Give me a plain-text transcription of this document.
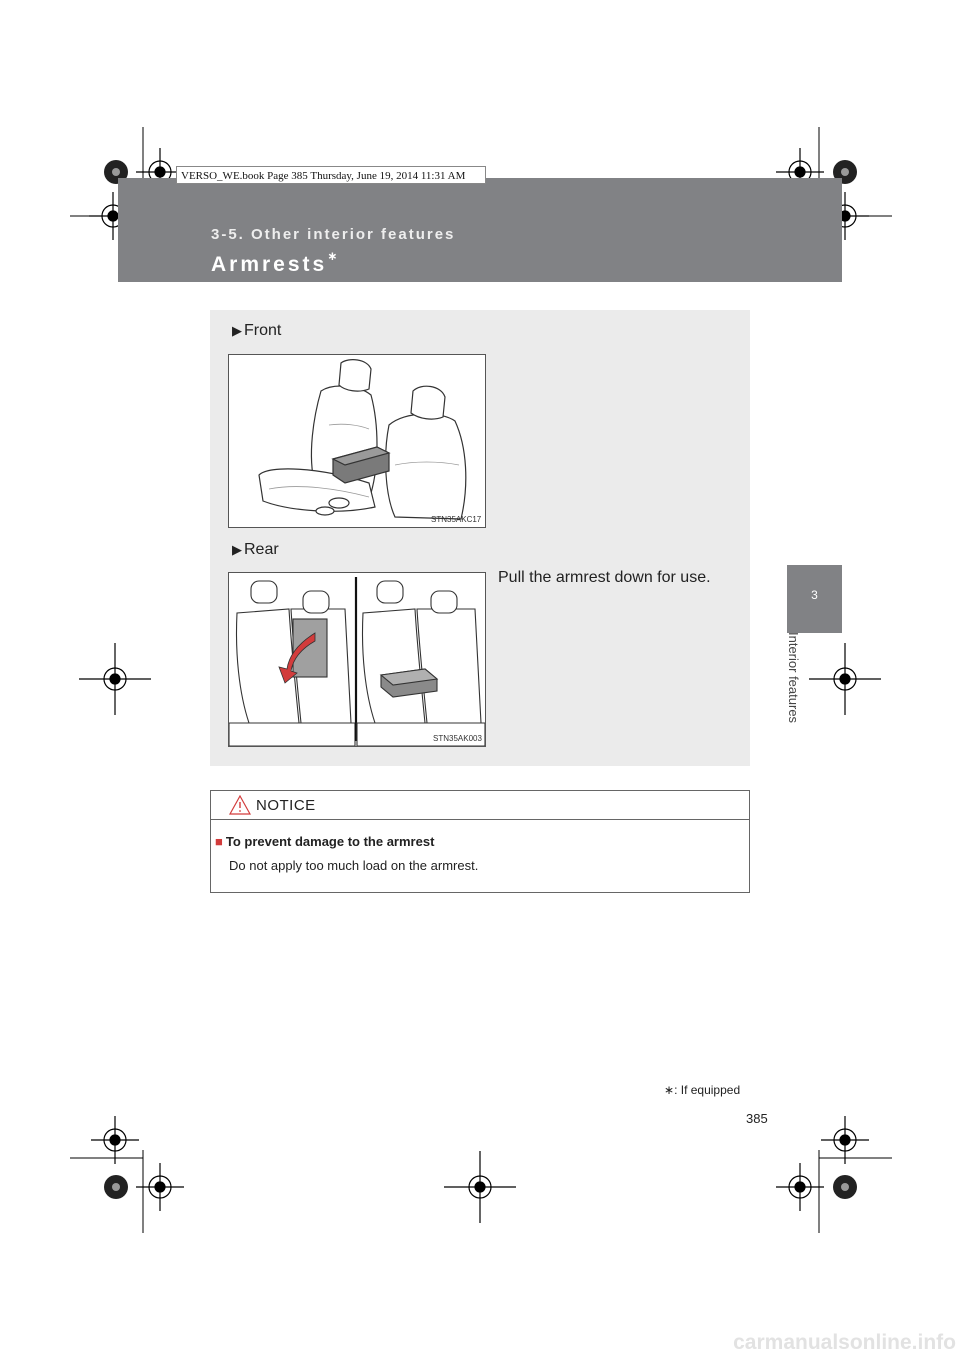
VERSO_WE.book Page 385 Thursday, June 19, 2014 11:31 AM
3-5. Other interior features
Armrests∗
3
Interior features
▶ Front
STN35AKC17
▶ Rear
STN35AK003
Pull the armrest down for use.
NOTICE
■ To prevent damage to the armrest
Do not apply too much load on the armrest.
∗: If equipped
385
carmanualsonline.info
